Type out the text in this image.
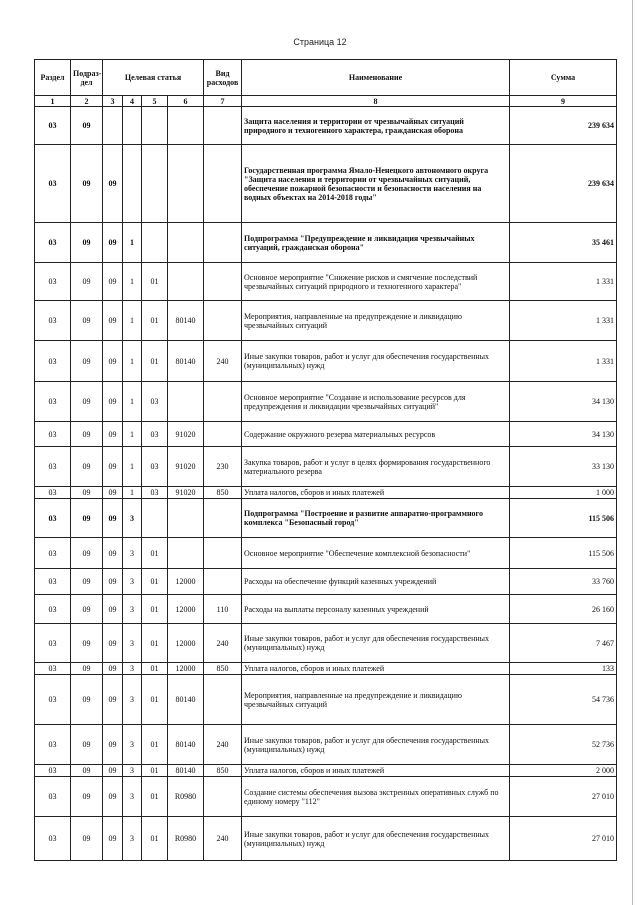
Страница 12
Раздел	Подраз-дел	Целевая статья				Вид расходов	Наименование	Сумма
1	2	3	4	5	6	7	8	9
03	09						Защита населения и территории от чрезвычайных ситуаций природного и техногенного характера, гражданская оборона	239 634
03	09	09					Государственная программа Ямало-Ненецкого автономного округа "Защита населения и территории от чрезвычайных ситуаций, обеспечение пожарной безопасности и безопасности населения на водных объектах на 2014-2018 годы"	239 634
03	09	09	1				Подпрограмма "Предупреждение и ликвидация чрезвычайных ситуаций, гражданская оборона"	35 461
03	09	09	1	01			Основное мероприятие "Снижение рисков и смягчение последствий чрезвычайных ситуаций природного и техногенного характера"	1 331
03	09	09	1	01	80140		Мероприятия, направленные на предупреждение и ликвидацию чрезвычайных ситуаций	1 331
03	09	09	1	01	80140	240	Иные закупки товаров, работ и услуг для обеспечения государственных (муниципальных) нужд	1 331
03	09	09	1	03			Основное мероприятие "Создание и использование ресурсов для предупреждения и ликвидации чрезвычайных ситуаций"	34 130
03	09	09	1	03	91020		Содержание окружного резерва материальных ресурсов	34 130
03	09	09	1	03	91020	230	Закупка товаров, работ и услуг в целях формирования государственного материального резерва	33 130
03	09	09	1	03	91020	850	Уплата налогов, сборов и иных платежей	1 000
03	09	09	3				Подпрограмма "Построение и развитие аппаратно-программного комплекса "Безопасный город"	115 506
03	09	09	3	01			Основное мероприятие "Обеспечение комплексной безопасности"	115 506
03	09	09	3	01	12000		Расходы на обеспечение функций казенных учреждений	33 760
03	09	09	3	01	12000	110	Расходы на выплаты персоналу казенных учреждений	26 160
03	09	09	3	01	12000	240	Иные закупки товаров, работ и услуг для обеспечения государственных (муниципальных) нужд	7 467
03	09	09	3	01	12000	850	Уплата налогов, сборов и иных платежей	133
03	09	09	3	01	80140		Мероприятия, направленные на предупреждение и ликвидацию чрезвычайных ситуаций	54 736
03	09	09	3	01	80140	240	Иные закупки товаров, работ и услуг для обеспечения государственных (муниципальных) нужд	52 736
03	09	09	3	01	80140	850	Уплата налогов, сборов и иных платежей	2 000
03	09	09	3	01	R0980		Создание системы обеспечения вызова экстренных оперативных служб по единому номеру "112"	27 010
03	09	09	3	01	R0980	240	Иные закупки товаров, работ и услуг для обеспечения государственных (муниципальных) нужд	27 010
